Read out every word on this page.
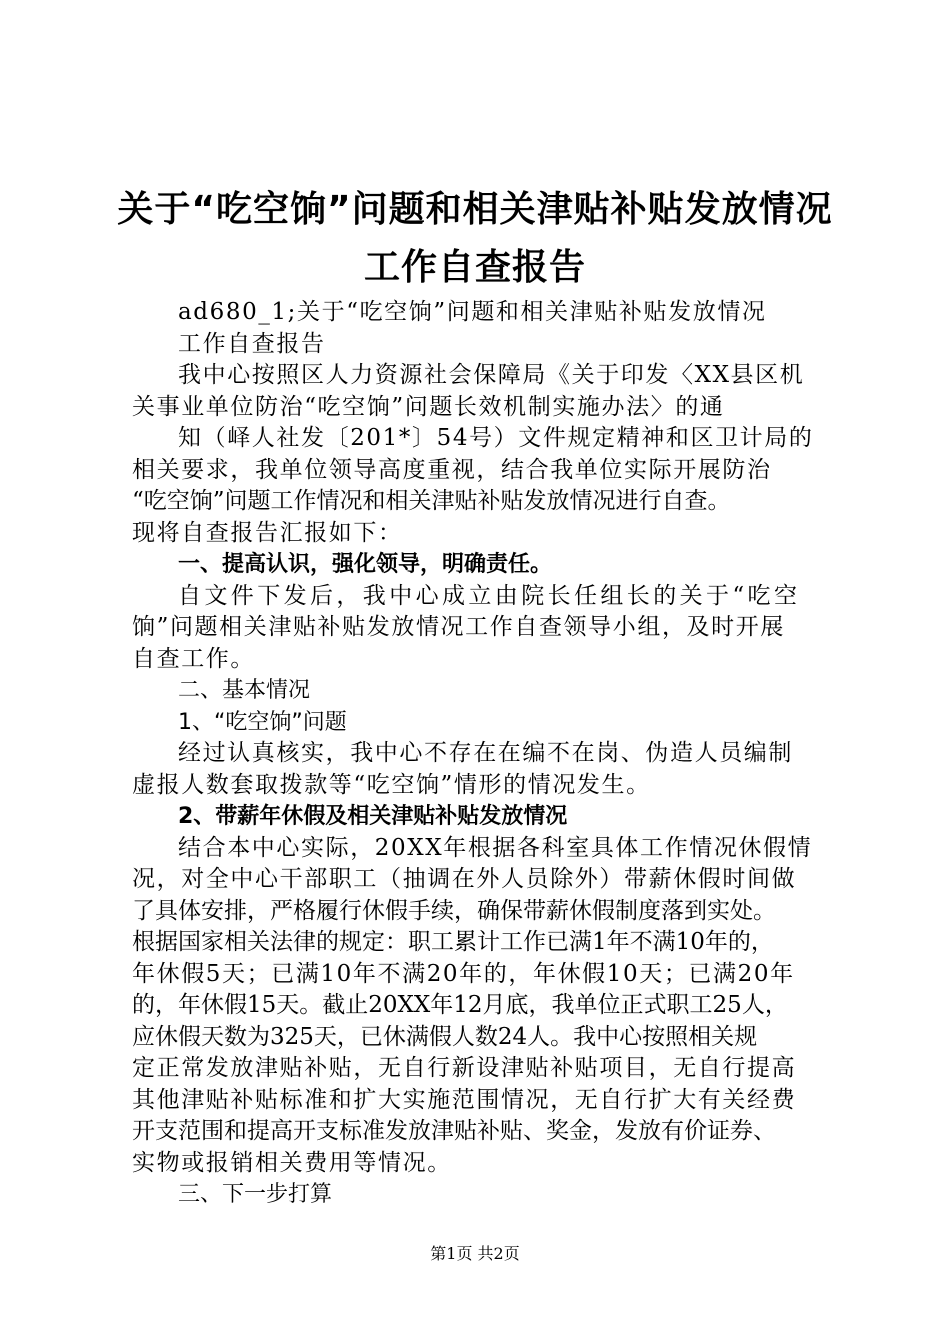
关于“吃空饷”问题和相关津贴补贴发放情况
工作自查报告
ad680_1;关于“吃空饷”问题和相关津贴补贴发放情况
工作自查报告
我中心按照区人力资源社会保障局《关于印发〈XX县区机
关事业单位防治“吃空饷”问题长效机制实施办法〉的通
知（峄人社发〔201*〕54号）文件规定精神和区卫计局的
相关要求，我单位领导高度重视，结合我单位实际开展防治
“吃空饷”问题工作情况和相关津贴补贴发放情况进行自查。
现将自查报告汇报如下：
一、提高认识，强化领导，明确责任。
自文件下发后，我中心成立由院长任组长的关于“吃空
饷”问题相关津贴补贴发放情况工作自查领导小组，及时开展
自查工作。
二、基本情况
1、“吃空饷”问题
经过认真核实，我中心不存在在编不在岗、伪造人员编制
虚报人数套取拨款等“吃空饷”情形的情况发生。
2、带薪年休假及相关津贴补贴发放情况
结合本中心实际，20XX年根据各科室具体工作情况休假情
况，对全中心干部职工（抽调在外人员除外）带薪休假时间做
了具体安排，严格履行休假手续，确保带薪休假制度落到实处。
根据国家相关法律的规定：职工累计工作已满1年不满10年的，
年休假5天；已满10年不满20年的，年休假10天；已满20年
的，年休假15天。截止20XX年12月底，我单位正式职工25人，
应休假天数为325天，已休满假人数24人。我中心按照相关规
定正常发放津贴补贴，无自行新设津贴补贴项目，无自行提高
其他津贴补贴标准和扩大实施范围情况，无自行扩大有关经费
开支范围和提高开支标准发放津贴补贴、奖金，发放有价证券、
实物或报销相关费用等情况。
三、下一步打算
第1页 共2页
